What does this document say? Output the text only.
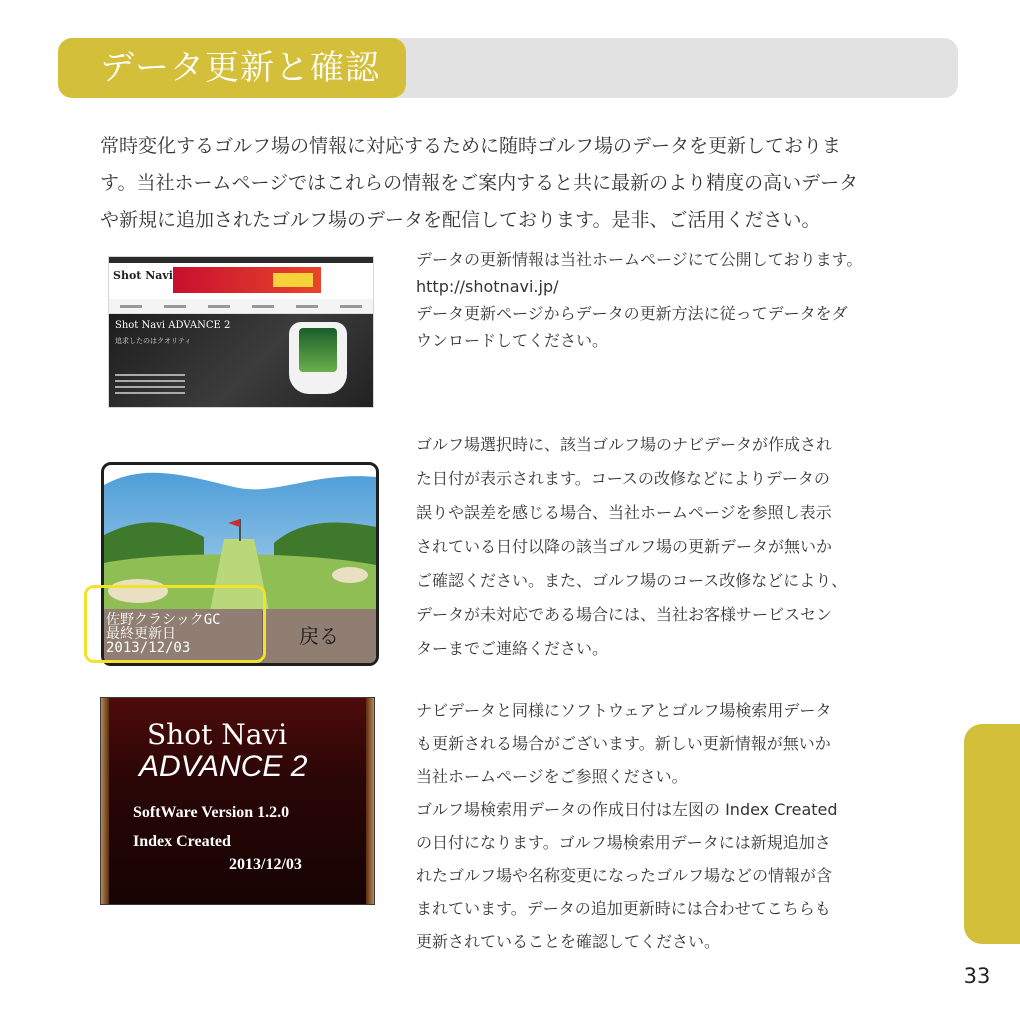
データ更新と確認

常時変化するゴルフ場の情報に対応するために随時ゴルフ場のデータを更新しておりま

す。当社ホームページではこれらの情報をご案内すると共に最新のより精度の高いデータ

や新規に追加されたゴルフ場のデータを配信しております。是非、ご活用ください。

Shot Navi
Shot Navi ADVANCE 2
追求したのはクオリティ

データの更新情報は当社ホームページにて公開しております。

http://shotnavi.jp/

データ更新ページからデータの更新方法に従ってデータをダ

ウンロードしてください。

佐野クラシックGC
最終更新日
2013/12/03	戻る

ゴルフ場選択時に、該当ゴルフ場のナビデータが作成され

た日付が表示されます。コースの改修などによりデータの

誤りや誤差を感じる場合、当社ホームページを参照し表示

されている日付以降の該当ゴルフ場の更新データが無いか

ご確認ください。また、ゴルフ場のコース改修などにより、

データが未対応である場合には、当社お客様サービスセン

ターまでご連絡ください。

Shot Navi
ADVANCE 2
SoftWare Version 1.2.0
Index Created
2013/12/03

ナビデータと同様にソフトウェアとゴルフ場検索用データ

も更新される場合がございます。新しい更新情報が無いか

当社ホームページをご参照ください。

ゴルフ場検索用データの作成日付は左図の Index Created

の日付になります。ゴルフ場検索用データには新規追加さ

れたゴルフ場や名称変更になったゴルフ場などの情報が含

まれています。データの追加更新時には合わせてこちらも

更新されていることを確認してください。

33
